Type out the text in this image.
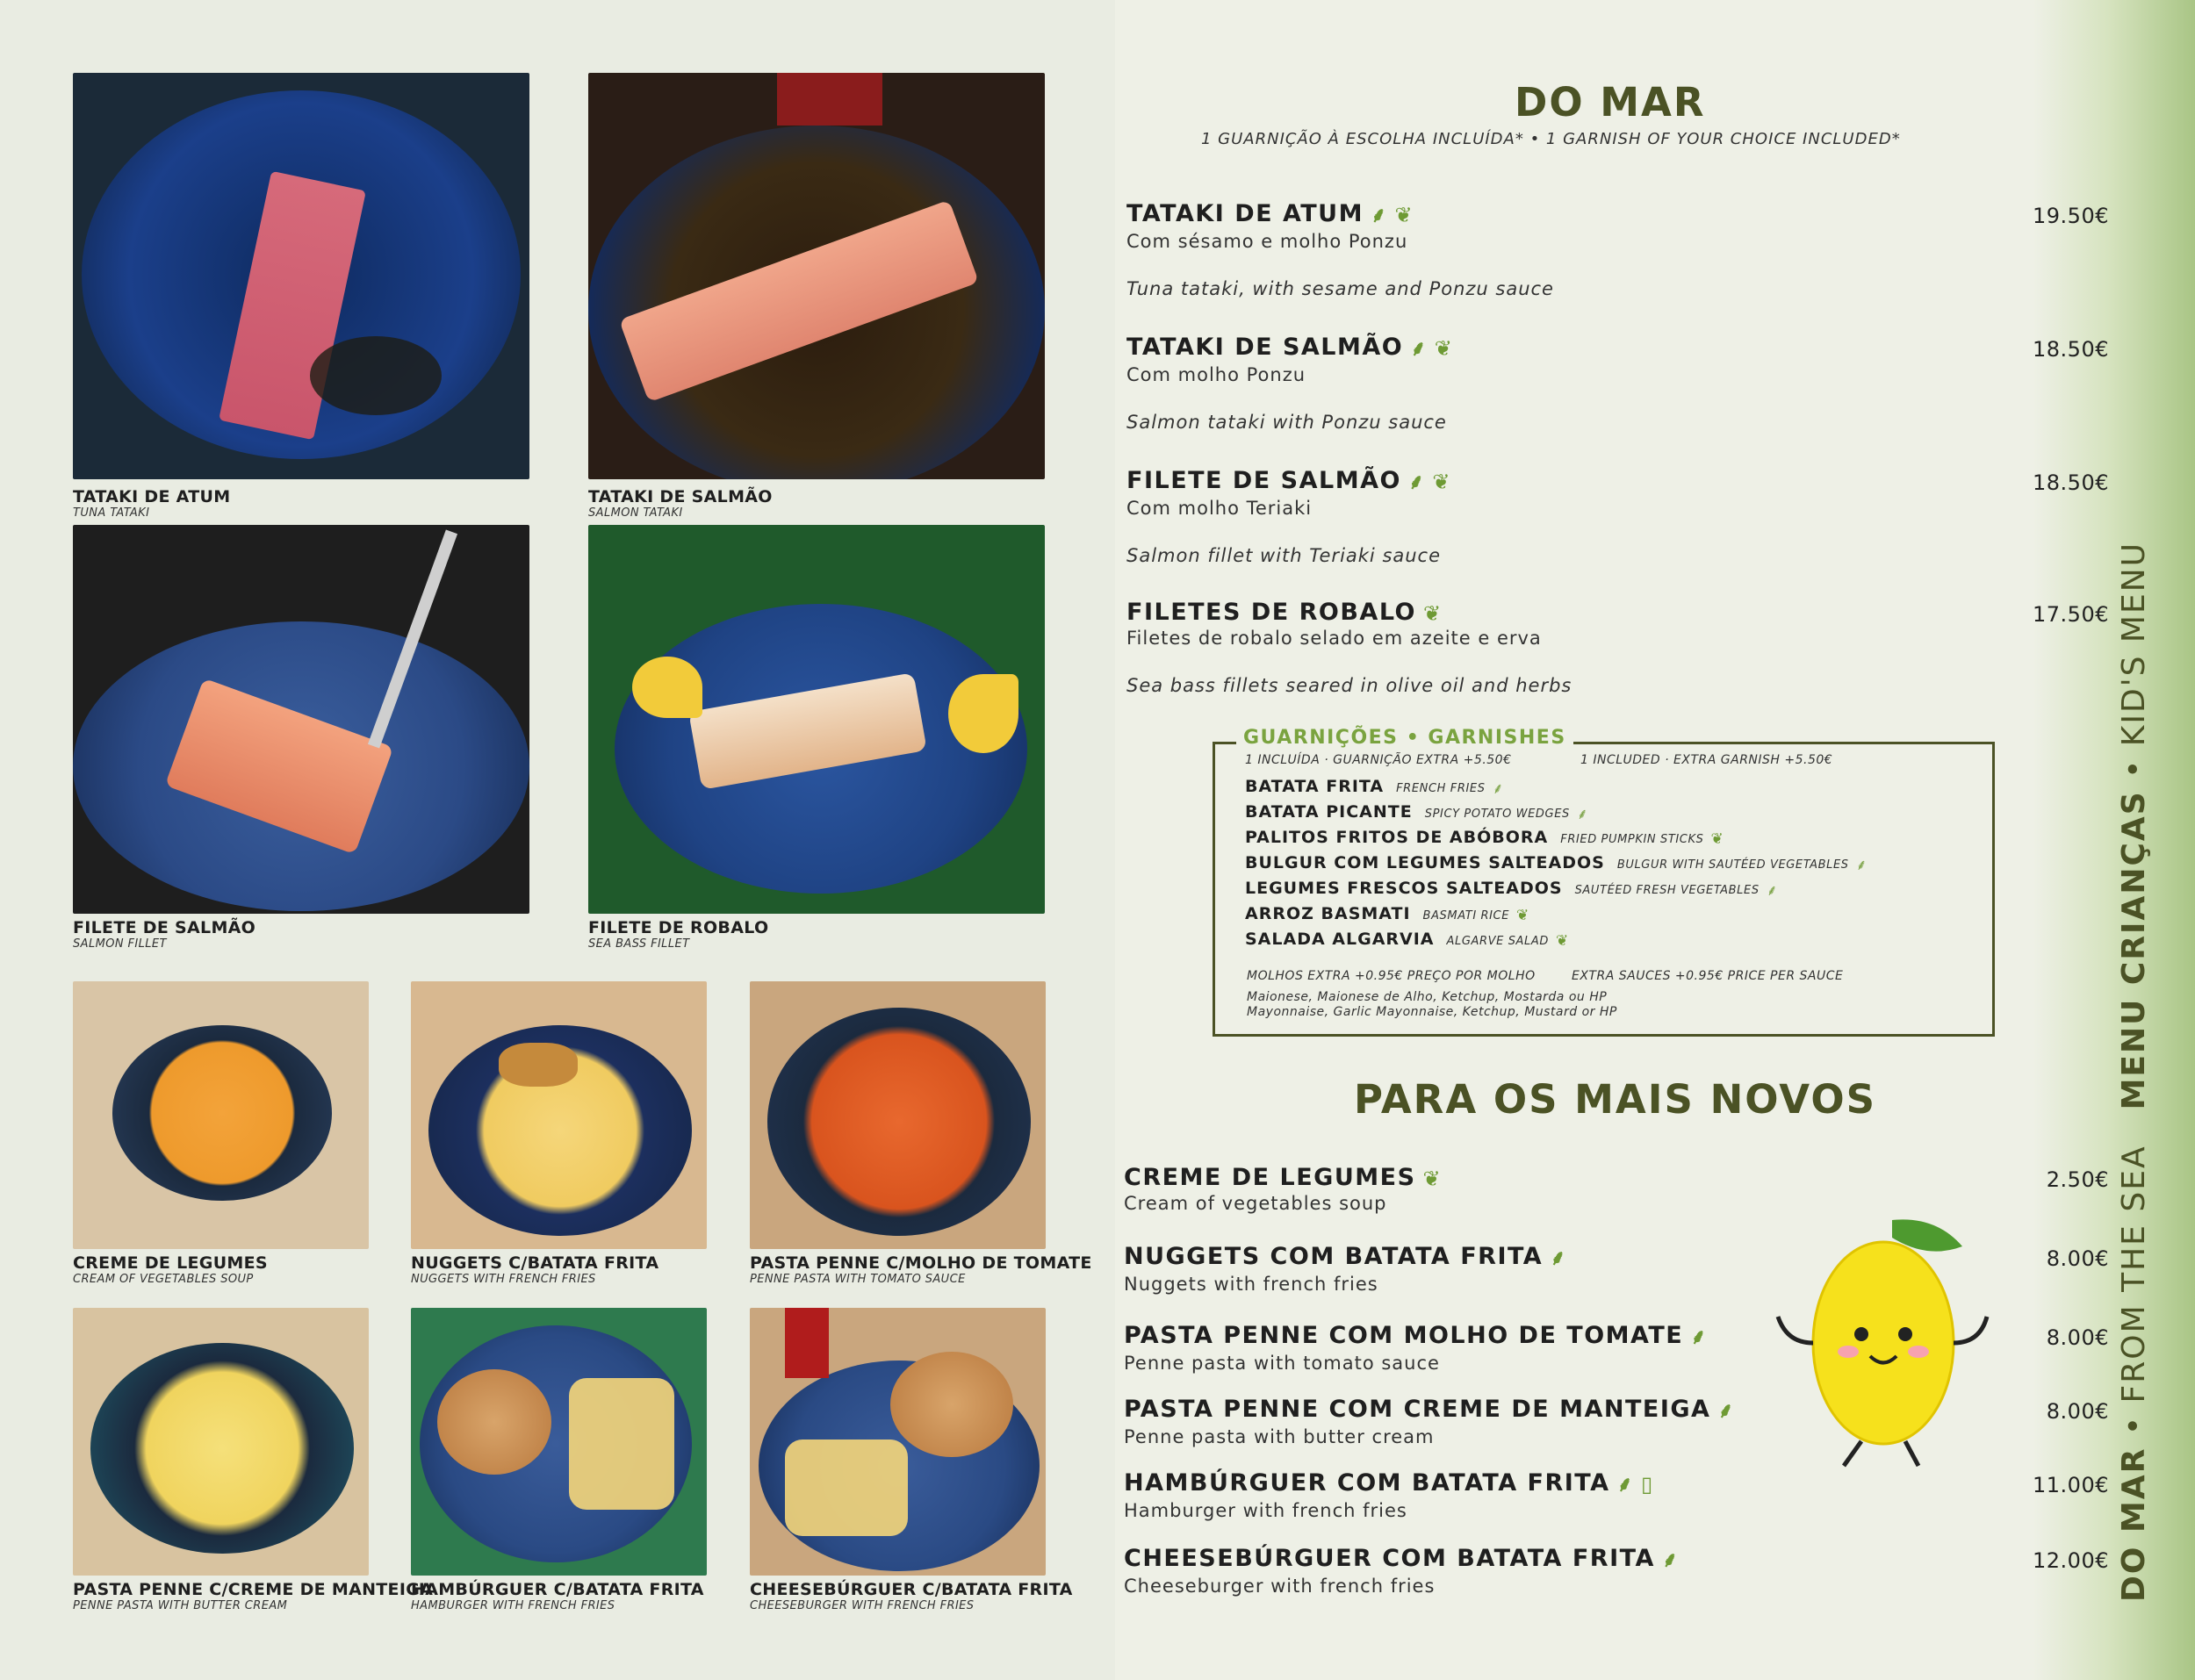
TATAKI DE ATUM
TUNA TATAKI
TATAKI DE SALMÃO
SALMON TATAKI
FILETE DE SALMÃO
SALMON FILLET
FILETE DE ROBALO
SEA BASS FILLET
CREME DE LEGUMES
CREAM OF VEGETABLES SOUP
NUGGETS C/BATATA FRITA
NUGGETS WITH FRENCH FRIES
PASTA PENNE C/MOLHO DE TOMATE
PENNE PASTA WITH TOMATO SAUCE
PASTA PENNE C/CREME DE MANTEIGA
PENNE PASTA WITH BUTTER CREAM
HAMBÚRGUER C/BATATA FRITA
HAMBURGER WITH FRENCH FRIES
CHEESEBÚRGUER C/BATATA FRITA
CHEESEBURGER WITH FRENCH FRIES
DO MAR
1 GUARNIÇÃO À ESCOLHA INCLUÍDA* • 1 GARNISH OF YOUR CHOICE INCLUDED*
TATAKI DE ATUM ⸙ ❦
Com sésamo e molho Ponzu
Tuna tataki, with sesame and Ponzu sauce
19.50€
TATAKI DE SALMÃO ⸙ ❦
Com molho Ponzu
Salmon tataki with Ponzu sauce
18.50€
FILETE DE SALMÃO ⸙ ❦
Com molho Teriaki
Salmon fillet with Teriaki sauce
18.50€
FILETES DE ROBALO ❦
Filetes de robalo selado em azeite e erva
Sea bass fillets seared in olive oil and herbs
17.50€
GUARNIÇÕES • GARNISHES
1 INCLUÍDA · GUARNIÇÃO EXTRA +5.50€	1 INCLUDED · EXTRA GARNISH +5.50€
BATATA FRITA FRENCH FRIES ⸙
BATATA PICANTE SPICY POTATO WEDGES ⸙
PALITOS FRITOS DE ABÓBORA FRIED PUMPKIN STICKS ❦
BULGUR COM LEGUMES SALTEADOS BULGUR WITH SAUTÉED VEGETABLES ⸙
LEGUMES FRESCOS SALTEADOS SAUTÉED FRESH VEGETABLES ⸙
ARROZ BASMATI BASMATI RICE ❦
SALADA ALGARVIA ALGARVE SALAD ❦
MOLHOS EXTRA +0.95€ PREÇO POR MOLHO	EXTRA SAUCES +0.95€ PRICE PER SAUCE
Maionese, Maionese de Alho, Ketchup, Mostarda ou HP
Mayonnaise, Garlic Mayonnaise, Ketchup, Mustard or HP
PARA OS MAIS NOVOS
CREME DE LEGUMES ❦
Cream of vegetables soup
2.50€
NUGGETS COM BATATA FRITA ⸙
Nuggets with french fries
8.00€
PASTA PENNE COM MOLHO DE TOMATE ⸙
Penne pasta with tomato sauce
8.00€
PASTA PENNE COM CREME DE MANTEIGA ⸙
Penne pasta with butter cream
8.00€
HAMBÚRGUER COM BATATA FRITA ⸙ ▯
Hamburger with french fries
11.00€
CHEESEBÚRGUER COM BATATA FRITA ⸙
Cheeseburger with french fries
12.00€ DO MAR • FROM THE SEAMENU CRIANÇAS • KID'S MENU
